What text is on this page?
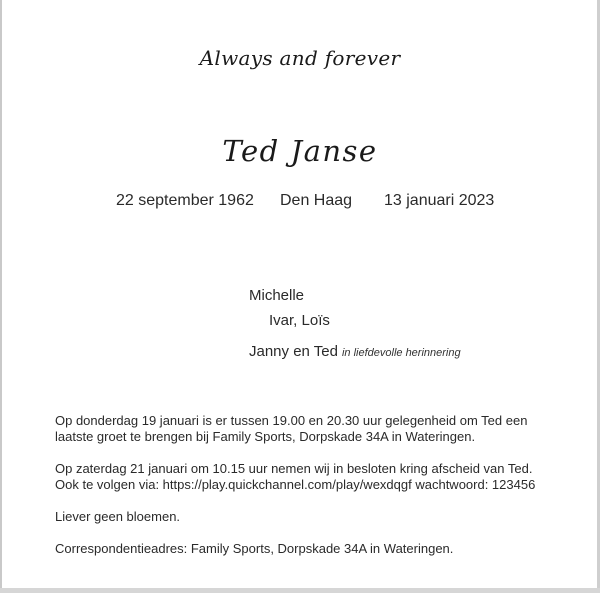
Always and forever
Ted Janse
22 september 1962 Den Haag 13 januari 2023
Michelle
Ivar, Loïs
Janny en Ted in liefdevolle herinnering

Op donderdag 19 januari is er tussen 19.00 en 20.30 uur gelegenheid om Ted een

laatste groet te brengen bij Family Sports, Dorpskade 34A in Wateringen.

Op zaterdag 21 januari om 10.15 uur nemen wij in besloten kring afscheid van Ted.

Ook te volgen via: https://play.quickchannel.com/play/wexdqgf wachtwoord: 123456

Liever geen bloemen.

Correspondentieadres: Family Sports, Dorpskade 34A in Wateringen.
